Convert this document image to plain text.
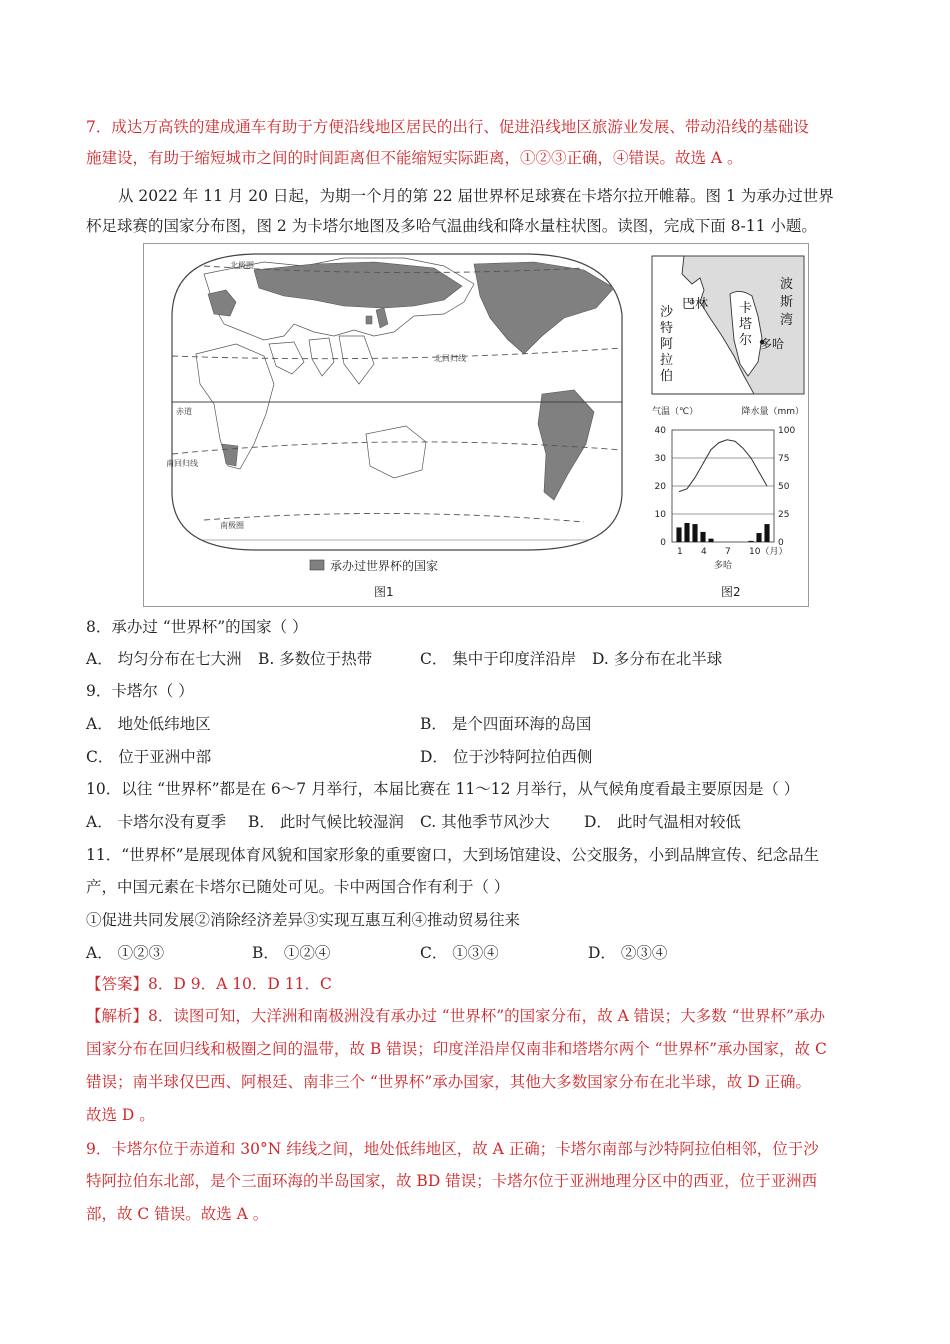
7．成达万高铁的建成通车有助于方便沿线地区居民的出行、促进沿线地区旅游业发展、带动沿线的基础设
施建设，有助于缩短城市之间的时间距离但不能缩短实际距离，①②③正确，④错误。故选 A 。
从 2022 年 11 月 20 日起，为期一个月的第 22 届世界杯足球赛在卡塔尔拉开帷幕。图 1 为承办过世界
杯足球赛的国家分布图，图 2 为卡塔尔地图及多哈气温曲线和降水量柱状图。读图，完成下面 8-11 小题。
北极圈
北回归线
赤道
南回归线
南极圈
承办过世界杯的国家
图1
巴林
沙
特
阿
拉
伯
卡
塔
尔
波
斯
湾
多哈
气温（℃）	降水量（mm）
40
30
20
10
0
100
75
50
25
0
1 4 7 10（月）
多哈
图2
8．承办过 “世界杯”的国家（ ）
A． 均匀分布在七大洲 B. 多数位于热带	C． 集中于印度洋沿岸 D. 多分布在北半球
9．卡塔尔（ ）
A． 地处低纬地区	B． 是个四面环海的岛国
C． 位于亚洲中部	D． 位于沙特阿拉伯西侧
10．以往 “世界杯”都是在 6～7 月举行，本届比赛在 11～12 月举行，从气候角度看最主要原因是（ ）
A． 卡塔尔没有夏季 B． 此时气候比较湿润 C. 其他季节风沙大 D． 此时气温相对较低
11．“世界杯”是展现体育风貌和国家形象的重要窗口，大到场馆建设、公交服务，小到品牌宣传、纪念品生
产，中国元素在卡塔尔已随处可见。卡中两国合作有利于（ ）
①促进共同发展②消除经济差异③实现互惠互利④推动贸易往来
A． ①②③	B． ①②④	C． ①③④	D． ②③④
【答案】8．D 9．A 10．D 11．C
【解析】8．读图可知，大洋洲和南极洲没有承办过 “世界杯”的国家分布，故 A 错误；大多数 “世界杯”承办
国家分布在回归线和极圈之间的温带，故 B 错误；印度洋沿岸仅南非和塔塔尔两个 “世界杯”承办国家，故 C
错误；南半球仅巴西、阿根廷、南非三个 “世界杯”承办国家，其他大多数国家分布在北半球，故 D 正确。
故选 D 。
9．卡塔尔位于赤道和 30°N 纬线之间，地处低纬地区，故 A 正确；卡塔尔南部与沙特阿拉伯相邻，位于沙
特阿拉伯东北部，是个三面环海的半岛国家，故 BD 错误；卡塔尔位于亚洲地理分区中的西亚，位于亚洲西
部，故 C 错误。故选 A 。
